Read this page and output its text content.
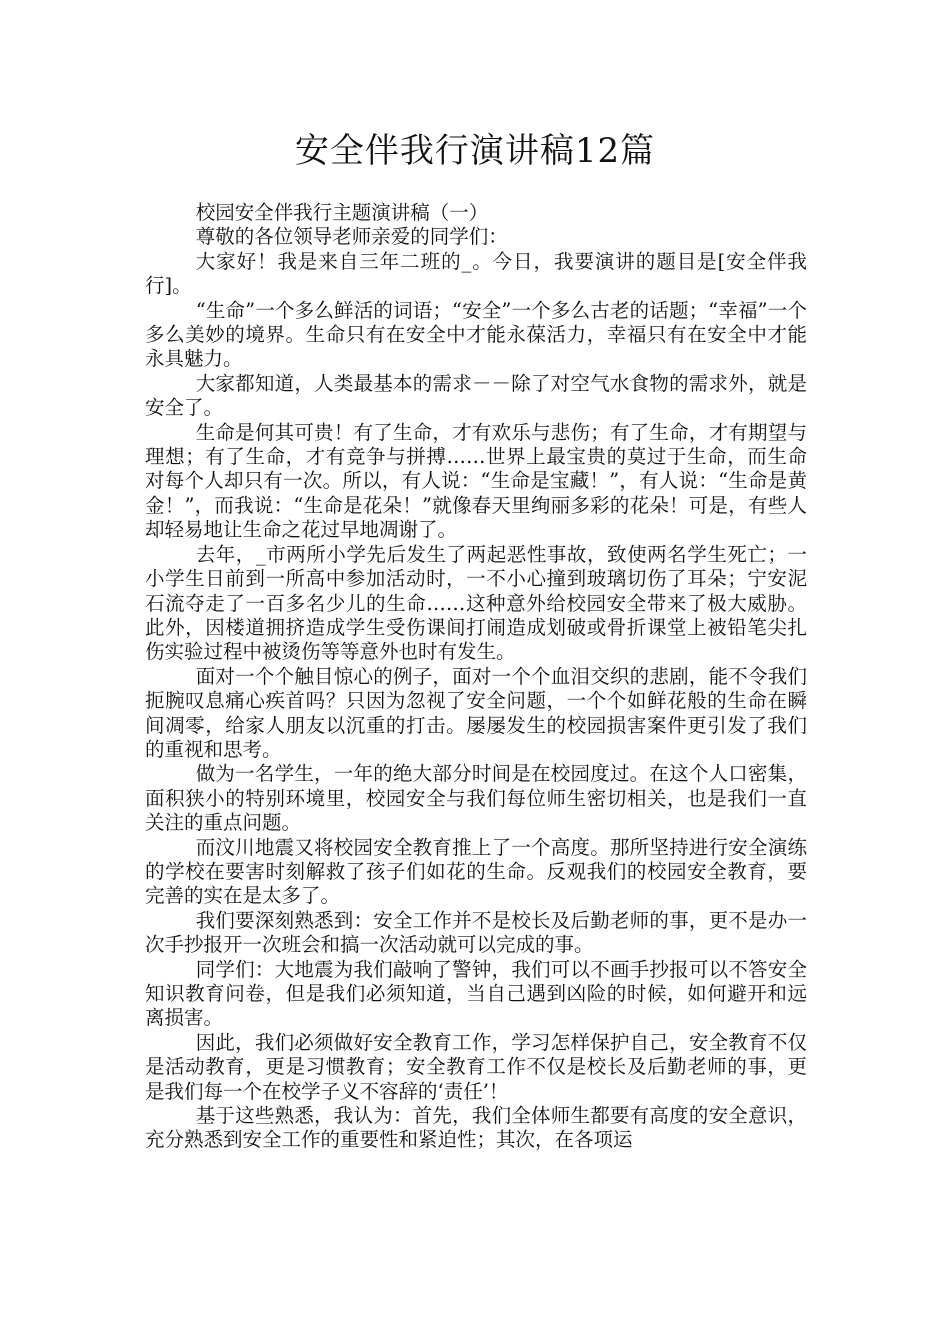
安全伴我行演讲稿12篇

校园安全伴我行主题演讲稿（一）

尊敬的各位领导老师亲爱的同学们：

大家好！我是来自三年二班的_。今日，我要演讲的题目是[安全伴我行]。

“生命”一个多么鲜活的词语；“安全”一个多么古老的话题；“幸福”一个多么美妙的境界。生命只有在安全中才能永葆活力，幸福只有在安全中才能永具魅力。

大家都知道，人类最基本的需求－－除了对空气水食物的需求外，就是安全了。

生命是何其可贵！有了生命，才有欢乐与悲伤；有了生命，才有期望与理想；有了生命，才有竞争与拼搏……世界上最宝贵的莫过于生命，而生命对每个人却只有一次。所以，有人说：“生命是宝藏！”，有人说：“生命是黄金！”，而我说：“生命是花朵！”就像春天里绚丽多彩的花朵！可是，有些人却轻易地让生命之花过早地凋谢了。

去年，_市两所小学先后发生了两起恶性事故，致使两名学生死亡；一小学生日前到一所高中参加活动时，一不小心撞到玻璃切伤了耳朵；宁安泥石流夺走了一百多名少儿的生命……这种意外给校园安全带来了极大威胁。此外，因楼道拥挤造成学生受伤课间打闹造成划破或骨折课堂上被铅笔尖扎伤实验过程中被烫伤等等意外也时有发生。

面对一个个触目惊心的例子，面对一个个血泪交织的悲剧，能不令我们扼腕叹息痛心疾首吗？只因为忽视了安全问题，一个个如鲜花般的生命在瞬间凋零，给家人朋友以沉重的打击。屡屡发生的校园损害案件更引发了我们的重视和思考。

做为一名学生，一年的绝大部分时间是在校园度过。在这个人口密集，面积狭小的特别环境里，校园安全与我们每位师生密切相关，也是我们一直关注的重点问题。

而汶川地震又将校园安全教育推上了一个高度。那所坚持进行安全演练的学校在要害时刻解救了孩子们如花的生命。反观我们的校园安全教育，要完善的实在是太多了。

我们要深刻熟悉到：安全工作并不是校长及后勤老师的事，更不是办一次手抄报开一次班会和搞一次活动就可以完成的事。

同学们：大地震为我们敲响了警钟，我们可以不画手抄报可以不答安全知识教育问卷，但是我们必须知道，当自己遇到凶险的时候，如何避开和远离损害。

因此，我们必须做好安全教育工作，学习怎样保护自己，安全教育不仅是活动教育，更是习惯教育；安全教育工作不仅是校长及后勤老师的事，更是我们每一个在校学子义不容辞的‘责任’！

基于这些熟悉，我认为：首先，我们全体师生都要有高度的安全意识，充分熟悉到安全工作的重要性和紧迫性；其次，在各项运
